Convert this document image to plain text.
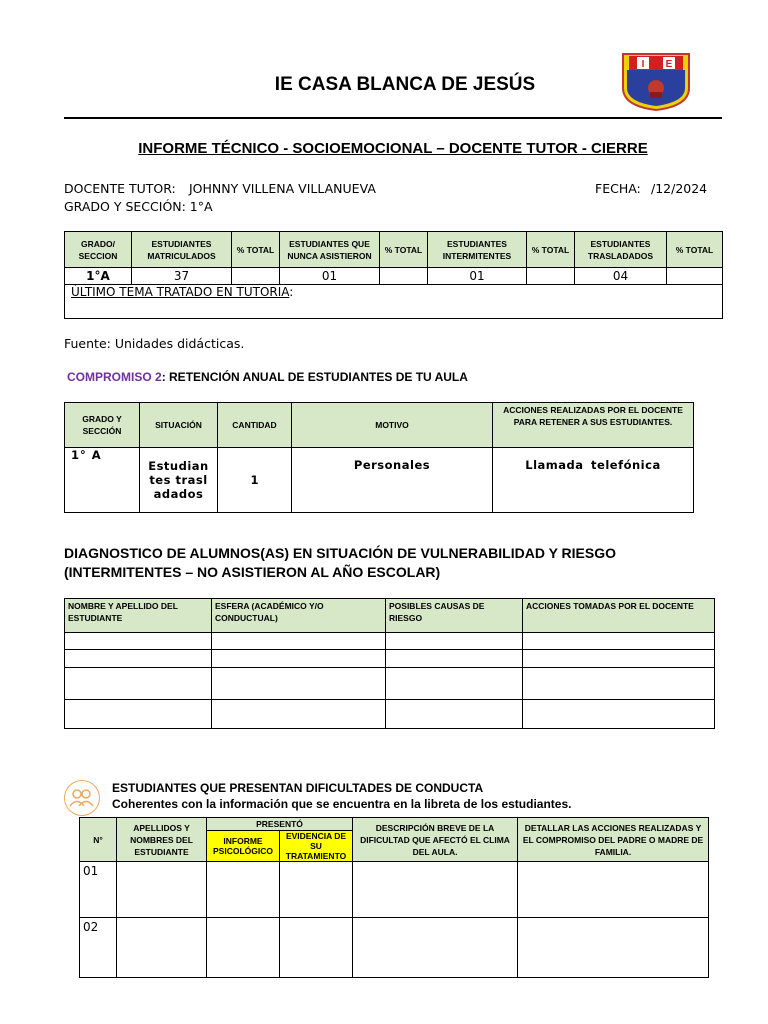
IE CASA BLANCA DE JESÚS
I E
INFORME TÉCNICO - SOCIOEMOCIONAL – DOCENTE TUTOR - CIERRE
DOCENTE TUTOR: JOHNNY VILLENA VILLANUEVA	FECHA: /12/2024
GRADO Y SECCIÓN: 1°A
GRADO/ SECCION	ESTUDIANTES MATRICULADOS	% TOTAL	ESTUDIANTES QUE NUNCA ASISTIERON	% TOTAL	ESTUDIANTES INTERMITENTES	% TOTAL	ESTUDIANTES TRASLADADOS	% TOTAL
1°A	37		01		01		04	
ÚLTIMO TEMA TRATADO EN TUTORIA:								
Fuente: Unidades didácticas.
COMPROMISO 2: RETENCIÓN ANUAL DE ESTUDIANTES DE TU AULA
GRADO Y SECCIÓN	SITUACIÓN	CANTIDAD	MOTIVO	ACCIONES REALIZADAS POR EL DOCENTE PARA RETENER A SUS ESTUDIANTES.
1° A	Estudiantes trasladados	1	Personales	Llamada telefónica
DIAGNOSTICO DE ALUMNOS(AS) EN SITUACIÓN DE VULNERABILIDAD Y RIESGO (INTERMITENTES – NO ASISTIERON AL AÑO ESCOLAR)
NOMBRE Y APELLIDO DEL ESTUDIANTE	ESFERA (ACADÉMICO Y/O CONDUCTUAL)	POSIBLES CAUSAS DE RIESGO	ACCIONES TOMADAS POR EL DOCENTE

ESTUDIANTES QUE PRESENTAN DIFICULTADES DE CONDUCTA
Coherentes con la información que se encuentra en la libreta de los estudiantes.
N°	APELLIDOS Y NOMBRES DEL ESTUDIANTE	PRESENTÓ		DESCRIPCIÓN BREVE DE LA DIFICULTAD QUE AFECTÓ EL CLIMA DEL AULA.	DETALLAR LAS ACCIONES REALIZADAS Y EL COMPROMISO DEL PADRE O MADRE DE FAMILIA.
		INFORME PSICOLÓGICO	EVIDENCIA DE SU TRATAMIENTO		
01					
02					
